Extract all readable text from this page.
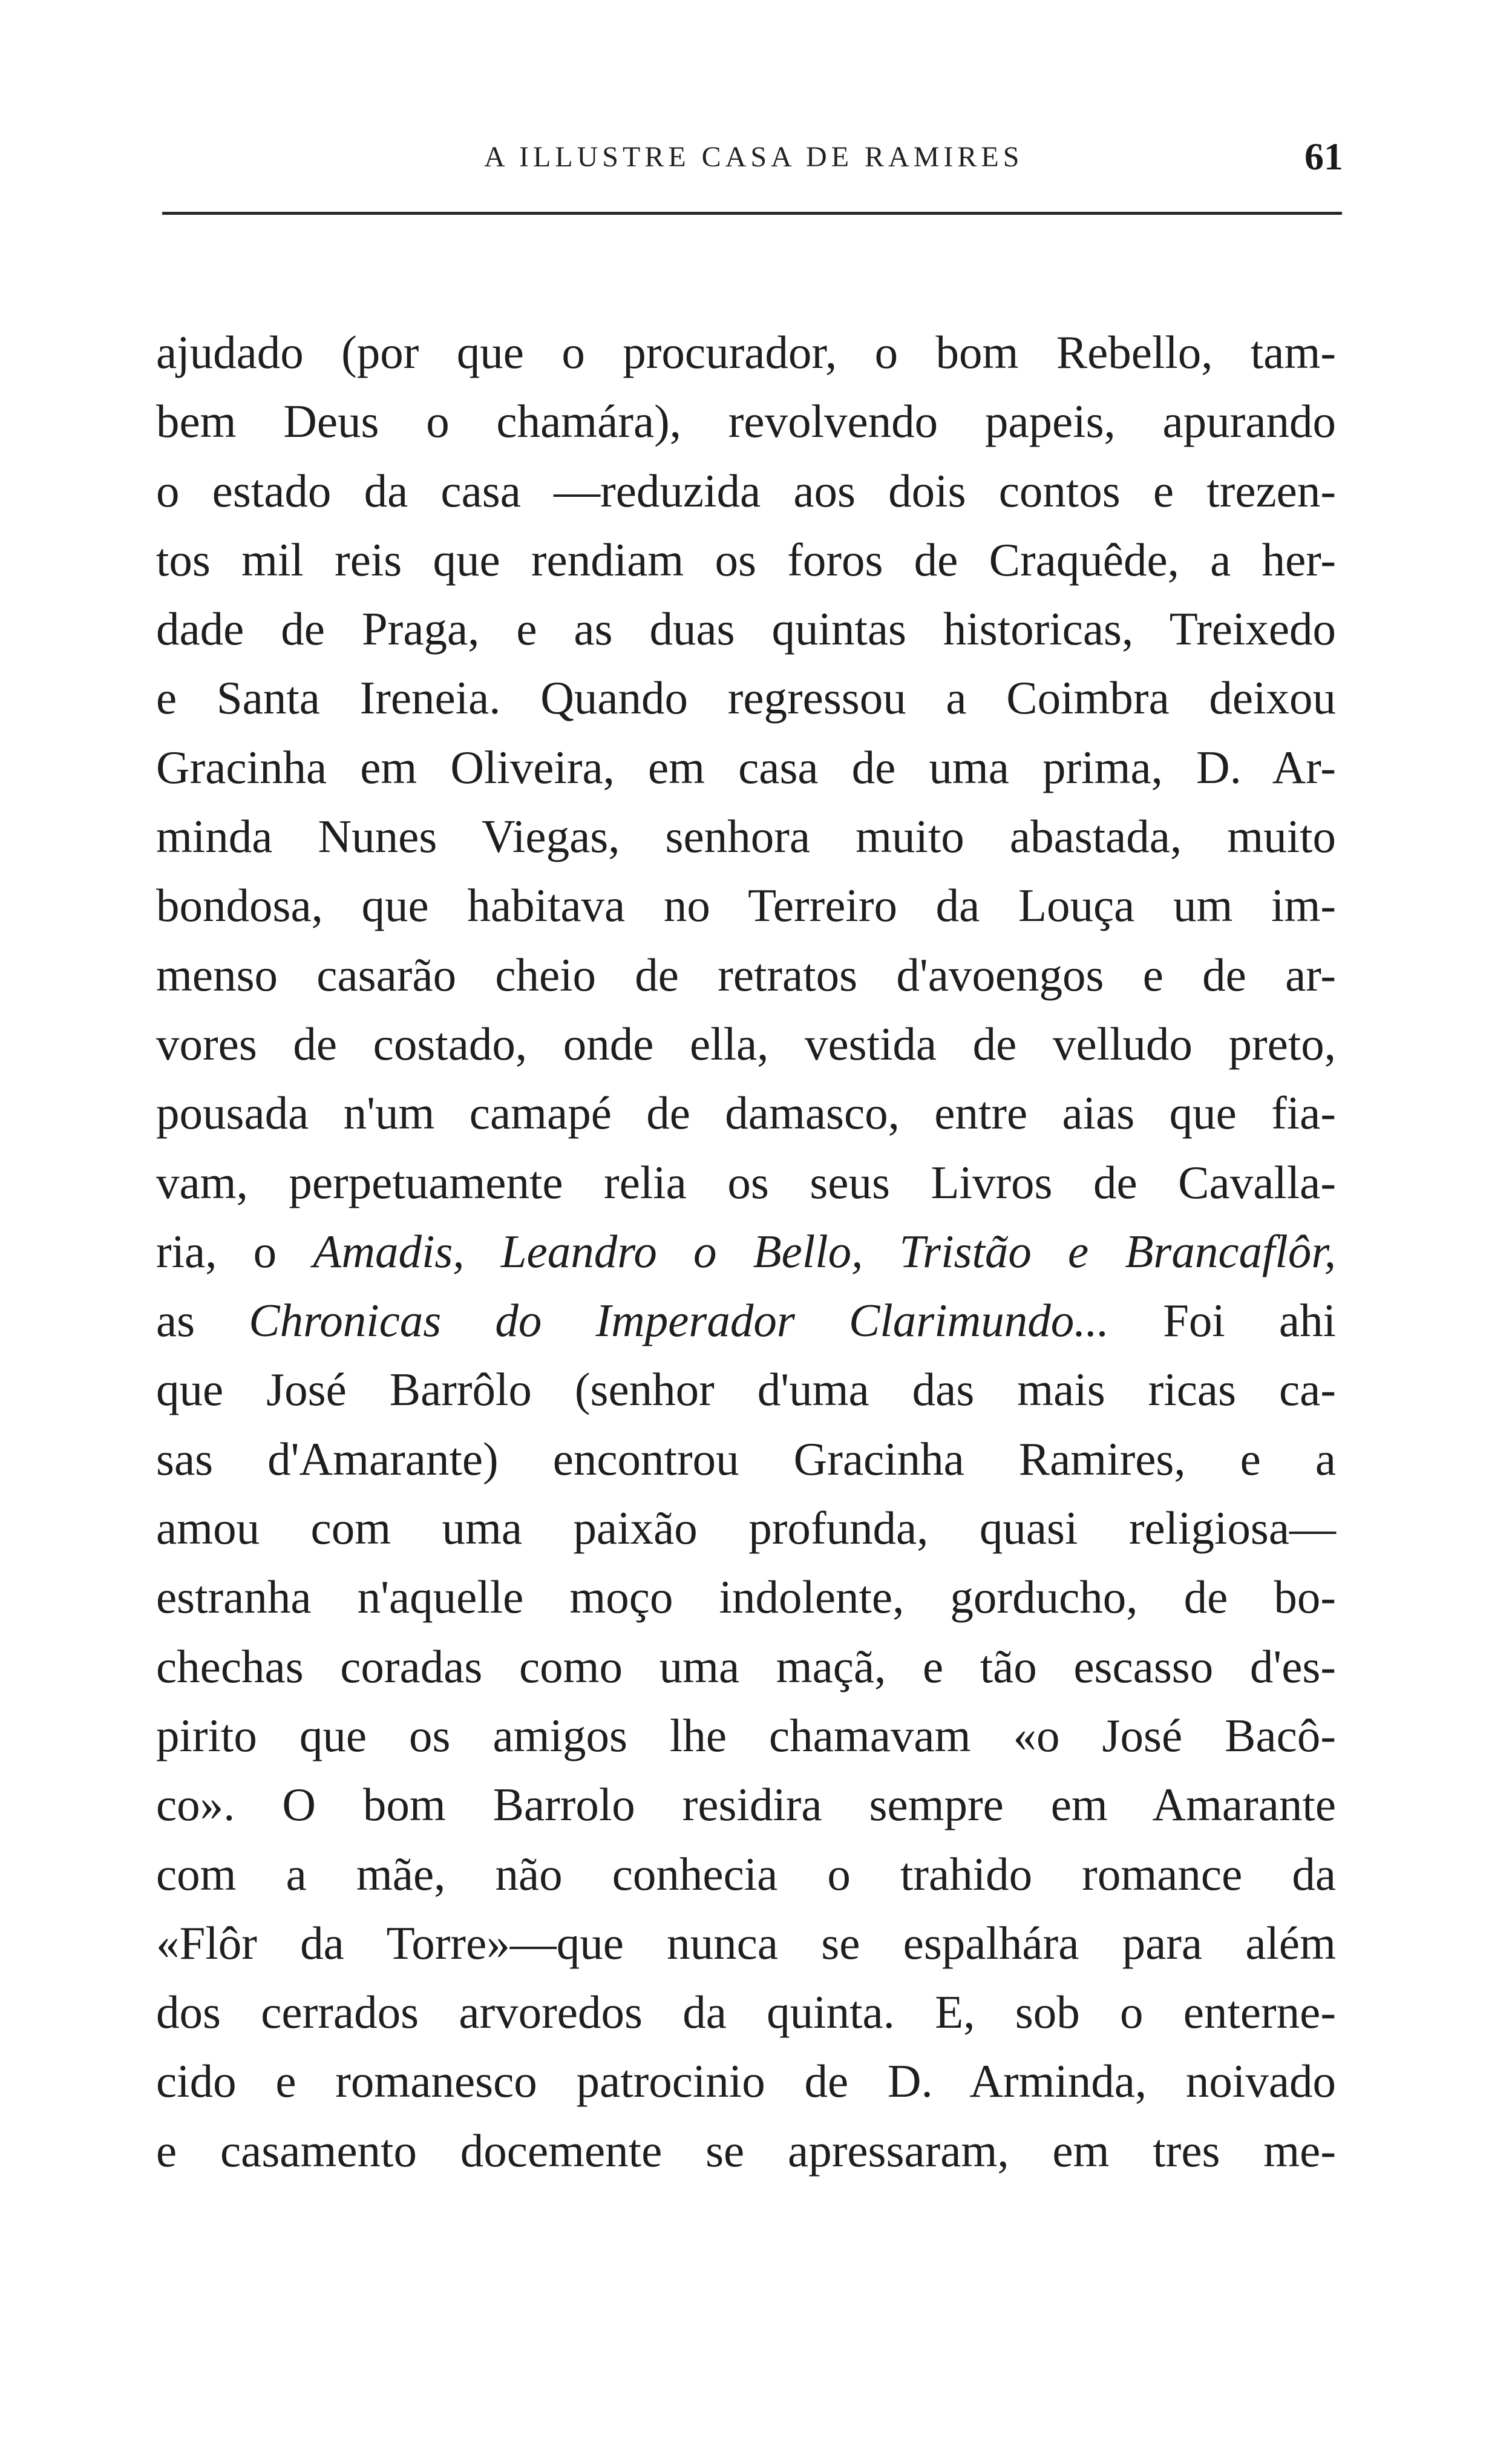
A ILLUSTRE CASA DE RAMIRES	61
ajudado (por que o procurador, o bom Rebello, tam-
bem Deus o chamára), revolvendo papeis, apurando
o estado da casa —reduzida aos dois contos e trezen-
tos mil reis que rendiam os foros de Craquêde, a her-
dade de Praga, e as duas quintas historicas, Treixedo
e Santa Ireneia. Quando regressou a Coimbra deixou
Gracinha em Oliveira, em casa de uma prima, D. Ar-
minda Nunes Viegas, senhora muito abastada, muito
bondosa, que habitava no Terreiro da Louça um im-
menso casarão cheio de retratos d'avoengos e de ar-
vores de costado, onde ella, vestida de velludo preto,
pousada n'um camapé de damasco, entre aias que fia-
vam, perpetuamente relia os seus Livros de Cavalla-
ria, o Amadis, Leandro o Bello, Tristão e Brancaflôr,
as Chronicas do Imperador Clarimundo... Foi ahi
que José Barrôlo (senhor d'uma das mais ricas ca-
sas d'Amarante) encontrou Gracinha Ramires, e a
amou com uma paixão profunda, quasi religiosa—
estranha n'aquelle moço indolente, gorducho, de bo-
chechas coradas como uma maçã, e tão escasso d'es-
pirito que os amigos lhe chamavam «o José Bacô-
co». O bom Barrolo residira sempre em Amarante
com a mãe, não conhecia o trahido romance da
«Flôr da Torre»—que nunca se espalhára para além
dos cerrados arvoredos da quinta. E, sob o enterne-
cido e romanesco patrocinio de D. Arminda, noivado
e casamento docemente se apressaram, em tres me-
